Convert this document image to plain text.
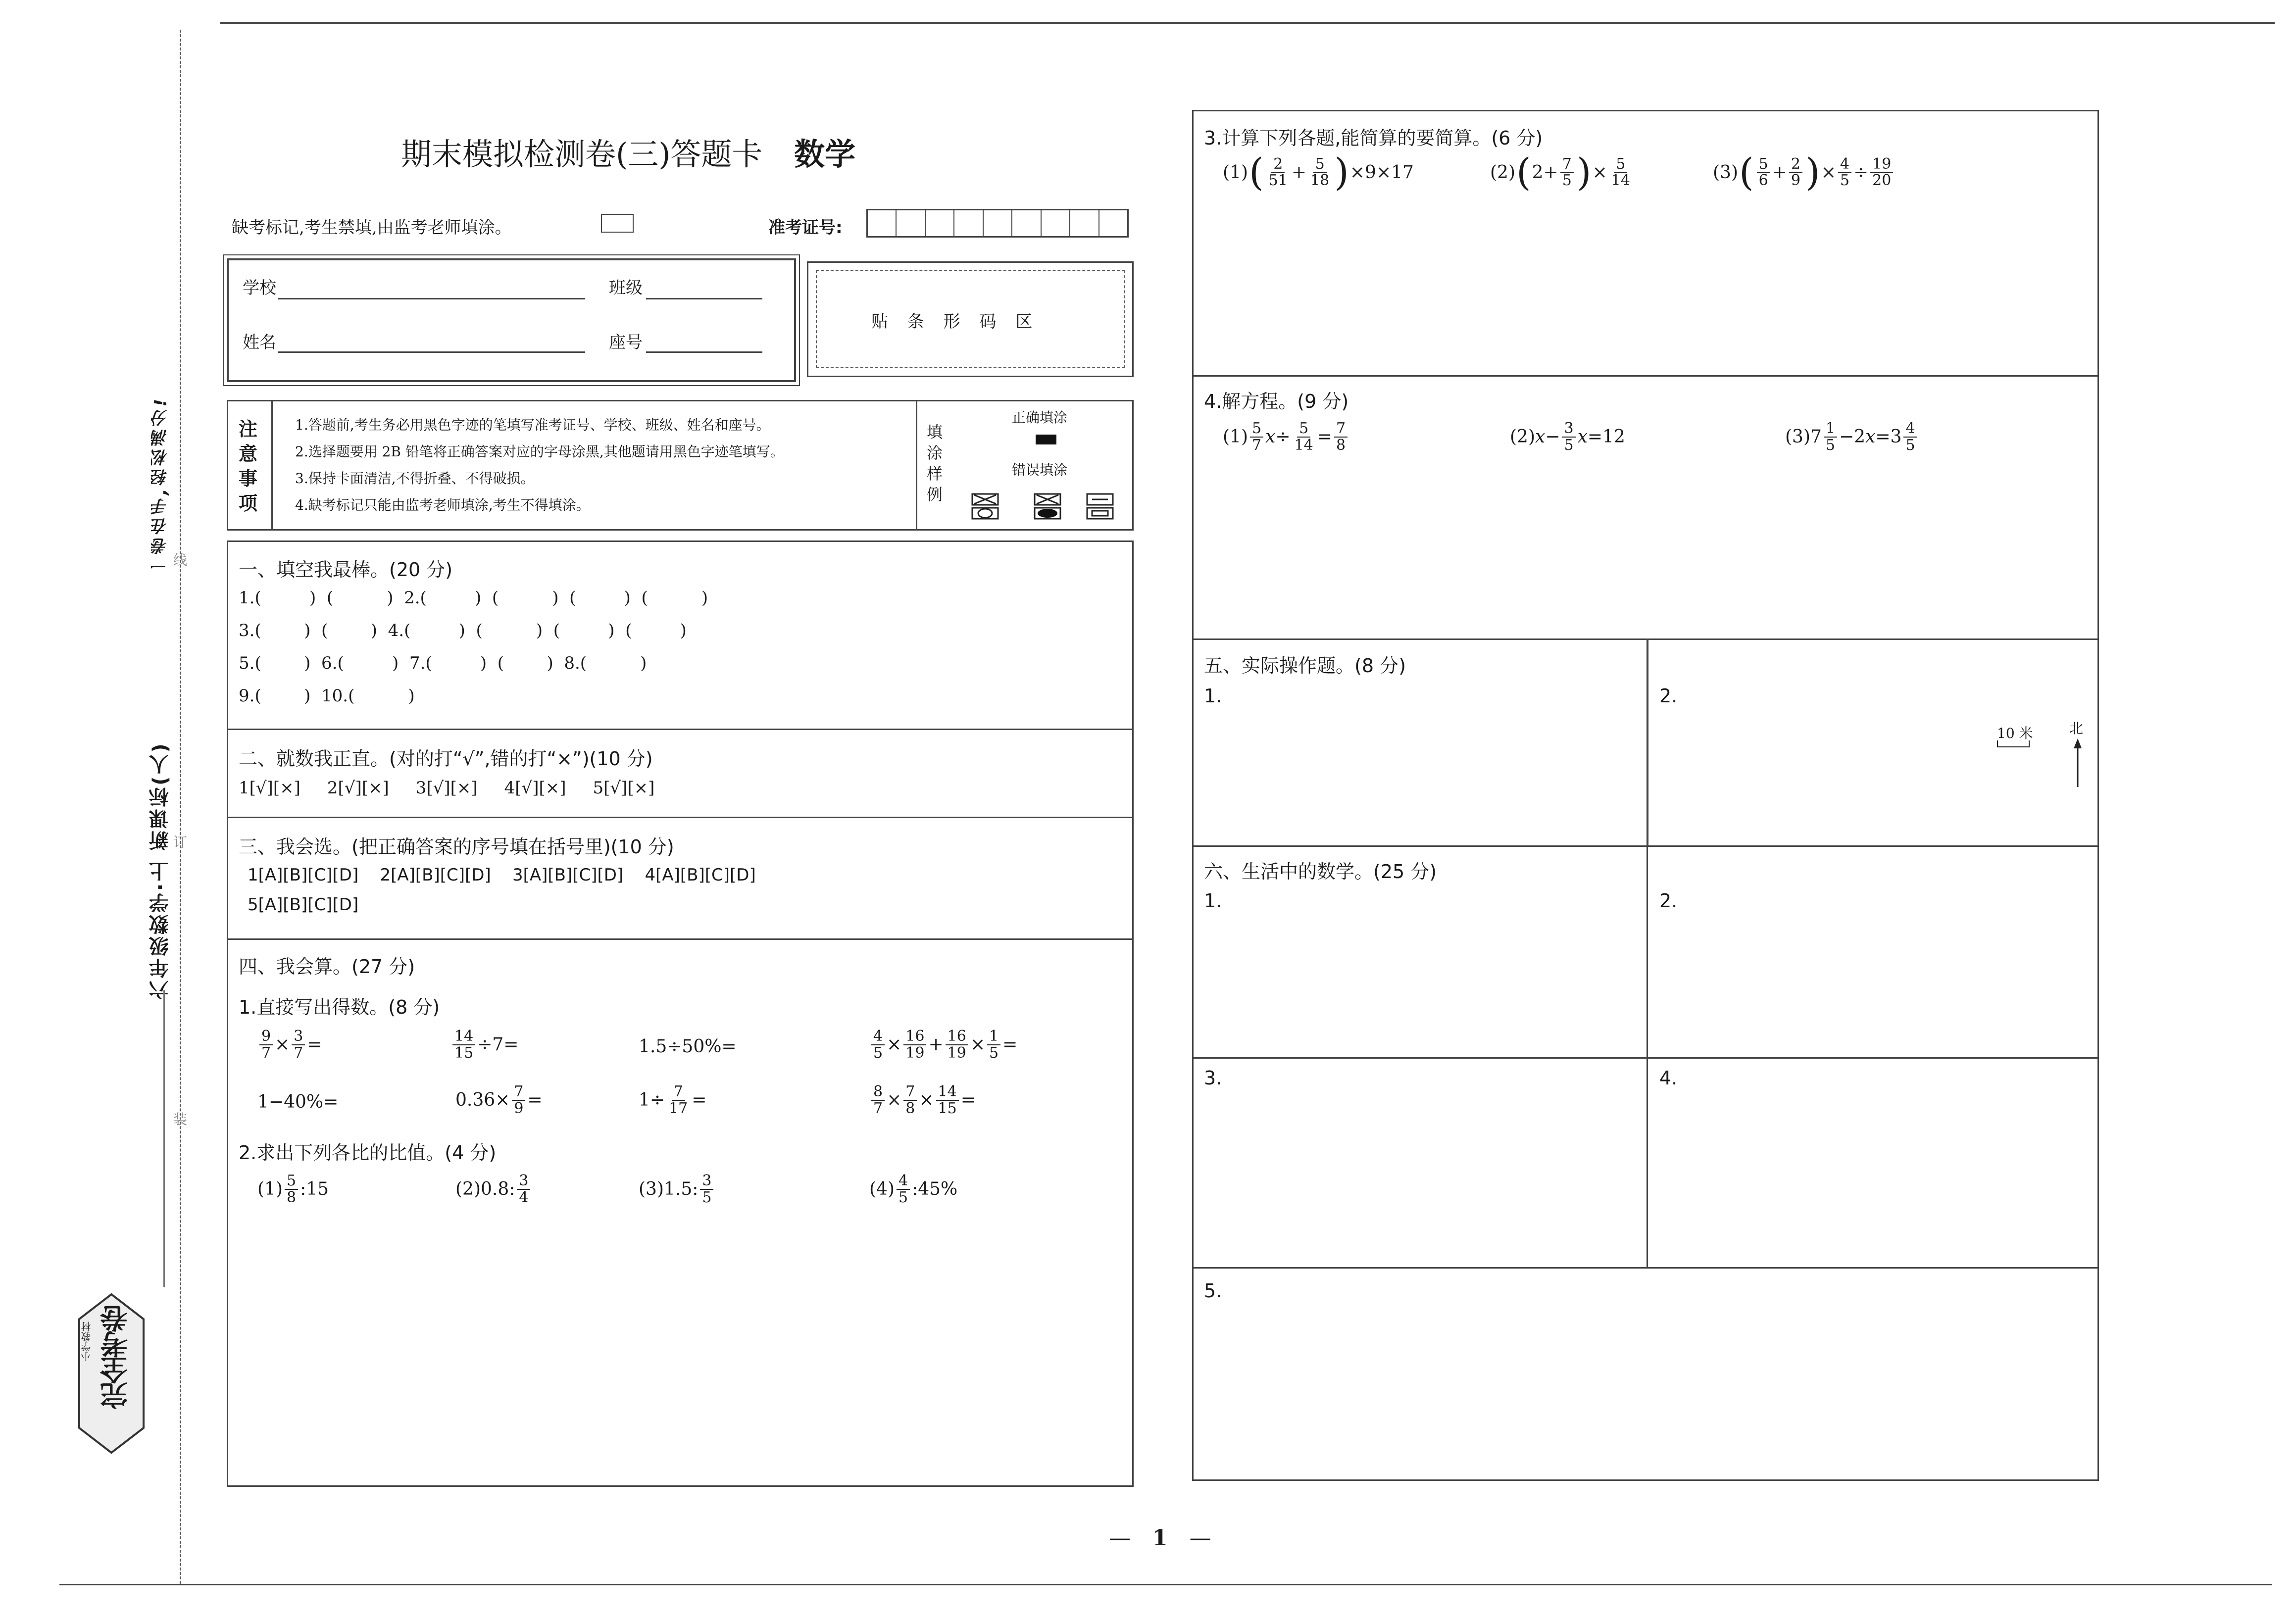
一卷在手,轻松满分!
六年级数学·上 新课标(人)
线
订
装
完全考卷
小学教材
期末模拟检测卷(三)答题卡 数学
缺考标记,考生禁填,由监考老师填涂。	准考证号:
学校	班级
姓名	座号
贴 条 形 码 区
注意事项
1.答题前,考生务必用黑色字迹的笔填写准考证号、学校、班级、姓名和座号。
2.选择题要用 2B 铅笔将正确答案对应的字母涂黑,其他题请用黑色字迹笔填写。
3.保持卡面清洁,不得折叠、不得破损。
4.缺考标记只能由监考老师填涂,考生不得填涂。
填涂样例
正确填涂
错误填涂
一、填空我最棒。(20 分)
1.(         )  (          )  2.(         )  (          )  (         )  (          )
3.(        )  (        )  4.(         )  (          )  (         )  (         )
5.(        )  6.(         )  7.(         )  (        )  8.(          )
9.(        )  10.(          )
二、就数我正直。(对的打“√”,错的打“×”)(10 分)
1[√][×]     2[√][×]     3[√][×]     4[√][×]     5[√][×]
三、我会选。(把正确答案的序号填在括号里)(10 分)
1[A][B][C][D]    2[A][B][C][D]    3[A][B][C][D]    4[A][B][C][D]
5[A][B][C][D]
四、我会算。(27 分)
1.直接写出得数。(8 分)
$\frac{9}{7} \times \frac{3}{7}$ =	$\frac{14}{15} \div 7=$	1.5÷50%=	$\frac{4}{5} \times \frac{16}{19} + \frac{16}{19} \times \frac{1}{5}$ =
1−40%=	$0.36\times \frac{7}{9}$ =	$1\div \frac{7}{17}$ =	$\frac{8}{7} \times \frac{7}{8} \times \frac{14}{15}$ =
2.求出下列各比的比值。(4 分)
$(1) \frac{5}{8}$ :15	(2)0.8: $\frac{3}{4}$	(3)1.5: $\frac{3}{5}$	$(4) \frac{4}{5}$ :45%
3.计算下列各题,能简算的要简算。(6 分)
(1) ( $\frac{2}{51} + \frac{5}{18}$ ) ×9×17	(2) ( $2+ \frac{7}{5}$ ) × $\frac{5}{14}$	(3) ( $\frac{5}{6} + \frac{2}{9}$ ) × $\frac{4}{5} \div \frac{19}{20}$
4.解方程。(9 分)
$(1) \frac{5}{7}$ $x \div \frac{5}{14} = \frac{7}{8}$	(2) $x - \frac{3}{5}$ x =12	$(3)7 \frac{1}{5} -2$ $x =3 \frac{4}{5}$
五、实际操作题。(8 分)
1.	2.
10 米	北
六、生活中的数学。(25 分)
1.	2.
3.	4.
5.
— 1 —
